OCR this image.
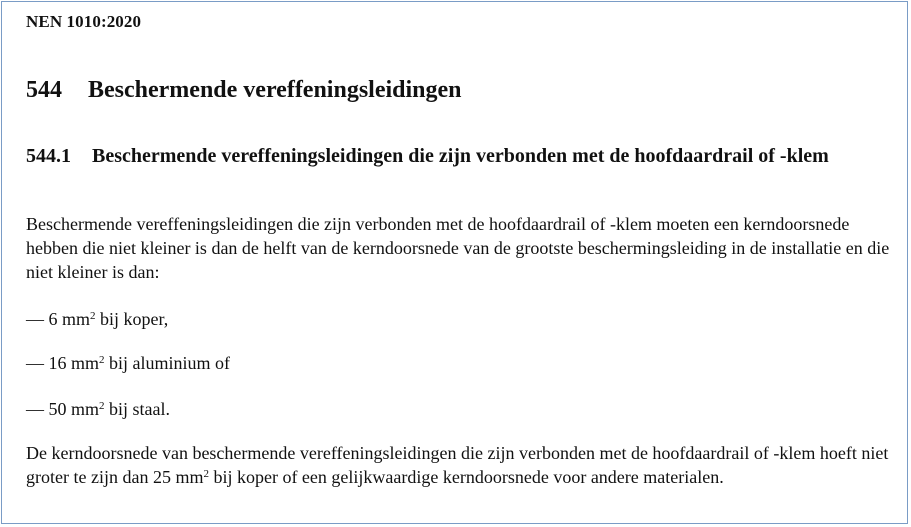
NEN 1010:2020
544 Beschermende vereffeningsleidingen
544.1 Beschermende vereffeningsleidingen die zijn verbonden met de hoofdaardrail of -klem
Beschermende vereffeningsleidingen die zijn verbonden met de hoofdaardrail of -klem moeten een kerndoorsnede hebben die niet kleiner is dan de helft van de kerndoorsnede van de grootste beschermingsleiding in de installatie en die niet kleiner is dan:
— 6 $mm^2$ bij koper,
— 16 $mm^2$ bij aluminium of
— 50 $mm^2$ bij staal.
De kerndoorsnede van beschermende vereffeningsleidingen die zijn verbonden met de hoofdaardrail of -klem hoeft niet groter te zijn dan 25 $mm^2$ bij koper of een gelijkwaardige kerndoorsnede voor andere materialen.
